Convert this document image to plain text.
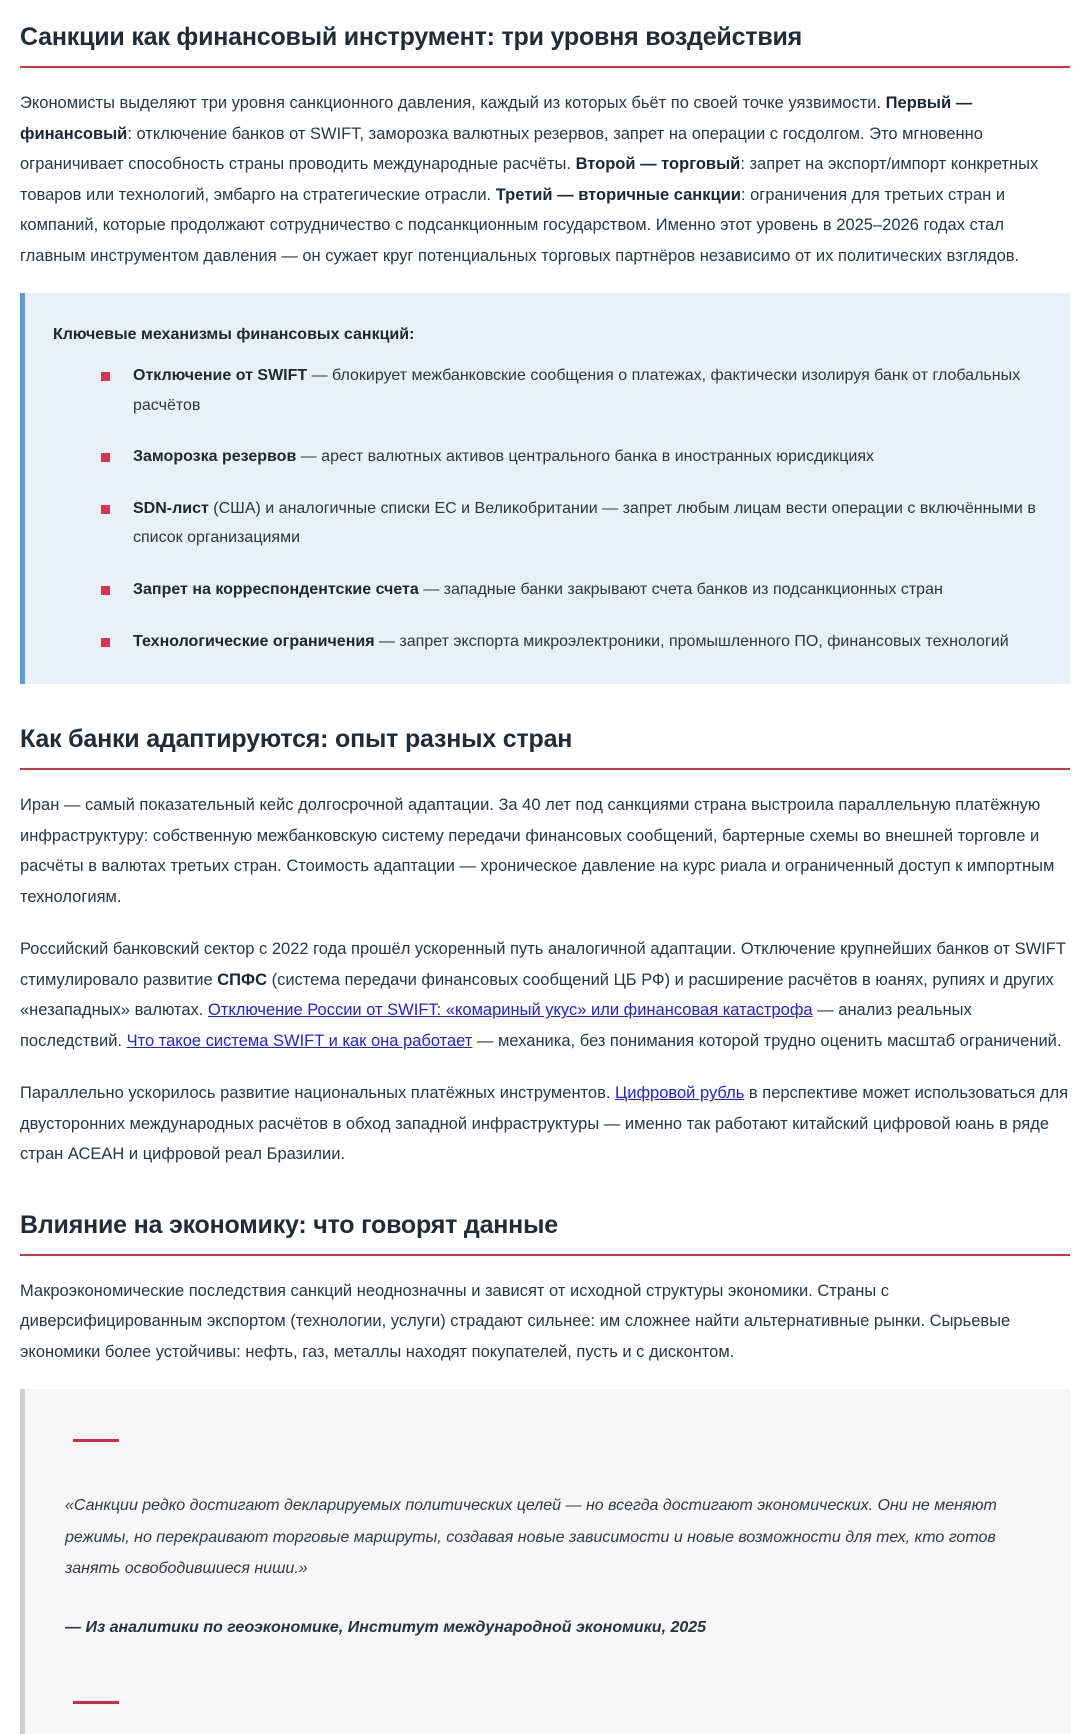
Санкции как финансовый инструмент: три уровня воздействия

Экономисты выделяют три уровня санкционного давления, каждый из которых бьёт по своей точке уязвимости. Первый — финансовый: отключение банков от SWIFT, заморозка валютных резервов, запрет на операции с госдолгом. Это мгновенно ограничивает способность страны проводить международные расчёты. Второй — торговый: запрет на экспорт/импорт конкретных товаров или технологий, эмбарго на стратегические отрасли. Третий — вторичные санкции: ограничения для третьих стран и компаний, которые продолжают сотрудничество с подсанкционным государством. Именно этот уровень в 2025–2026 годах стал главным инструментом давления — он сужает круг потенциальных торговых партнёров независимо от их политических взглядов.

Ключевые механизмы финансовых санкций:
Отключение от SWIFT — блокирует межбанковские сообщения о платежах, фактически изолируя банк от глобальных расчётов
Заморозка резервов — арест валютных активов центрального банка в иностранных юрисдикциях
SDN-лист (США) и аналогичные списки ЕС и Великобритании — запрет любым лицам вести операции с включёнными в список организациями
Запрет на корреспондентские счета — западные банки закрывают счета банков из подсанкционных стран
Технологические ограничения — запрет экспорта микроэлектроники, промышленного ПО, финансовых технологий
Как банки адаптируются: опыт разных стран

Иран — самый показательный кейс долгосрочной адаптации. За 40 лет под санкциями страна выстроила параллельную платёжную инфраструктуру: собственную межбанковскую систему передачи финансовых сообщений, бартерные схемы во внешней торговле и расчёты в валютах третьих стран. Стоимость адаптации — хроническое давление на курс риала и ограниченный доступ к импортным технологиям.

Российский банковский сектор с 2022 года прошёл ускоренный путь аналогичной адаптации. Отключение крупнейших банков от SWIFT стимулировало развитие СПФС (система передачи финансовых сообщений ЦБ РФ) и расширение расчётов в юанях, рупиях и других «незападных» валютах. Отключение России от SWIFT: «комариный укус» или финансовая катастрофа — анализ реальных последствий. Что такое система SWIFT и как она работает — механика, без понимания которой трудно оценить масштаб ограничений.

Параллельно ускорилось развитие национальных платёжных инструментов. Цифровой рубль в перспективе может использоваться для двусторонних международных расчётов в обход западной инфраструктуры — именно так работают китайский цифровой юань в ряде стран АСЕАН и цифровой реал Бразилии.

Влияние на экономику: что говорят данные

Макроэкономические последствия санкций неоднозначны и зависят от исходной структуры экономики. Страны с диверсифицированным экспортом (технологии, услуги) страдают сильнее: им сложнее найти альтернативные рынки. Сырьевые экономики более устойчивы: нефть, газ, металлы находят покупателей, пусть и с дисконтом.

«Санкции редко достигают декларируемых политических целей — но всегда достигают экономических. Они не меняют режимы, но перекраивают торговые маршруты, создавая новые зависимости и новые возможности для тех, кто готов занять освободившиеся ниши.»
— Из аналитики по геоэкономике, Институт международной экономики, 2025
